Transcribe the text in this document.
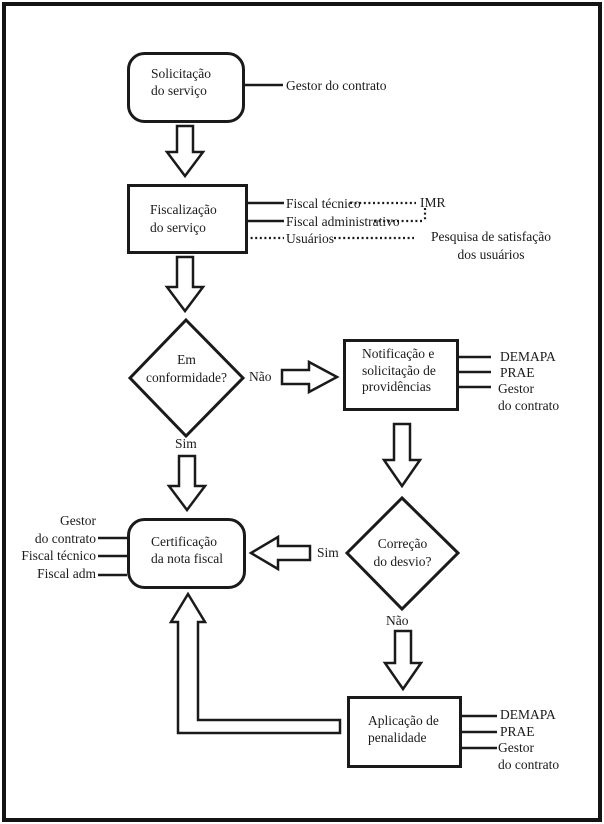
Solicitação
do serviço
Fiscalização
do serviço
Em
conformidade?
Notificação e
solicitação de
providências
Correção
do desvio?
Certificação
da nota fiscal
Aplicação de
penalidade
Gestor do contrato
Fiscal técnico	IMR
Fiscal administrativo
Usuários	Pesquisa de satisfação
dos usuários
DEMAPA
PRAE
Gestor
do contrato
Gestor
do contrato
Fiscal técnico
Fiscal adm
DEMAPA
PRAE
Gestor
do contrato
Não
Sim
Sim
Não
